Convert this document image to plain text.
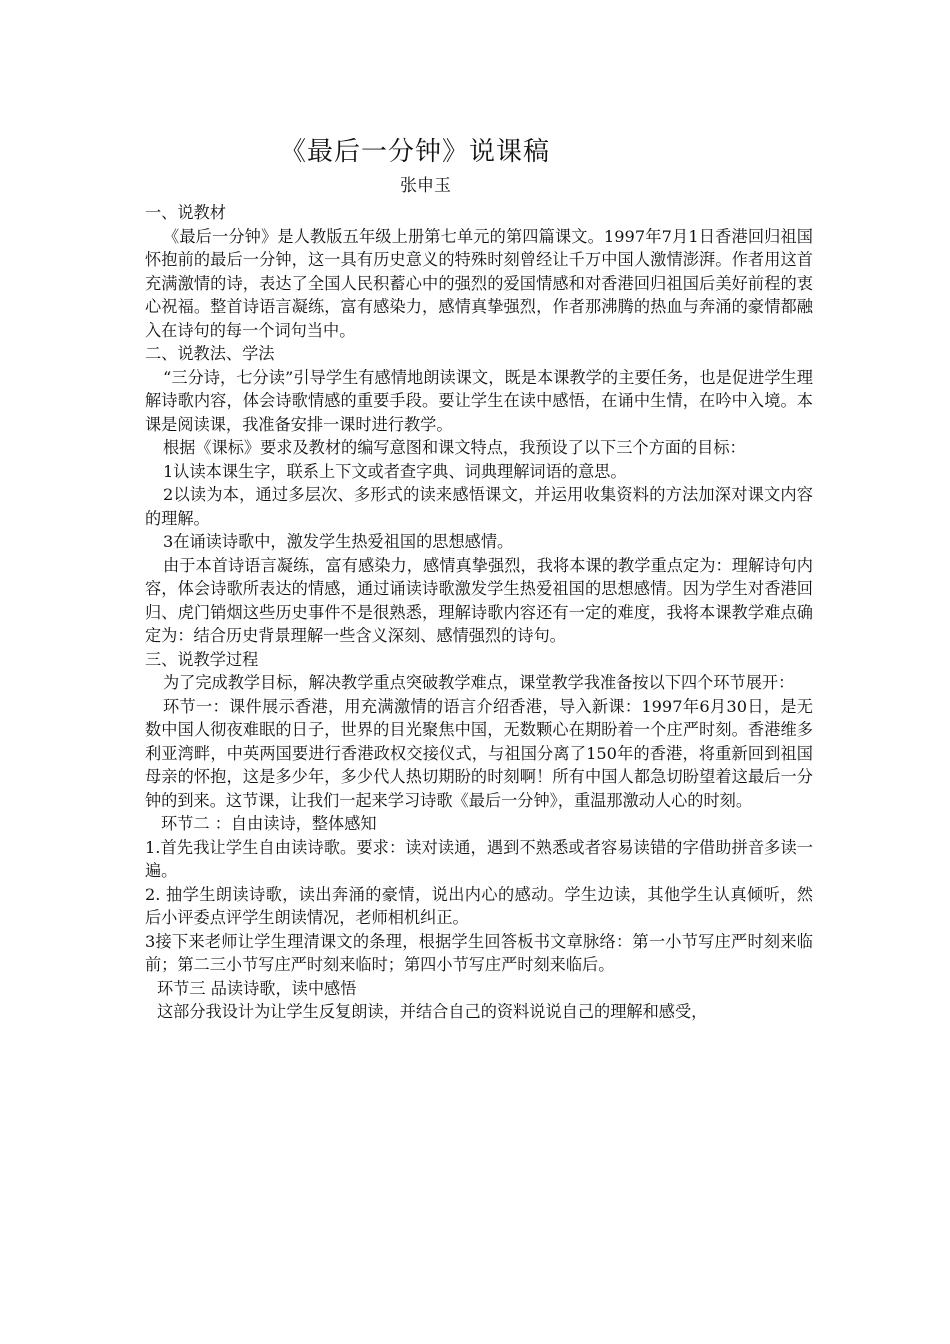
《最后一分钟》说课稿
张申玉

一、说教材

《最后一分钟》是人教版五年级上册第七单元的第四篇课文。1997年7月1日香港回归祖国怀抱前的最后一分钟，这一具有历史意义的特殊时刻曾经让千万中国人激情澎湃。作者用这首充满激情的诗，表达了全国人民积蓄心中的强烈的爱国情感和对香港回归祖国后美好前程的衷心祝福。整首诗语言凝练，富有感染力，感情真挚强烈，作者那沸腾的热血与奔涌的豪情都融入在诗句的每一个词句当中。

二、说教法、学法

“三分诗，七分读”引导学生有感情地朗读课文，既是本课教学的主要任务，也是促进学生理解诗歌内容，体会诗歌情感的重要手段。要让学生在读中感悟，在诵中生情，在吟中入境。本课是阅读课，我准备安排一课时进行教学。

根据《课标》要求及教材的编写意图和课文特点，我预设了以下三个方面的目标：

1认读本课生字，联系上下文或者查字典、词典理解词语的意思。

2以读为本，通过多层次、多形式的读来感悟课文，并运用收集资料的方法加深对课文内容的理解。

3在诵读诗歌中，激发学生热爱祖国的思想感情。

由于本首诗语言凝练，富有感染力，感情真挚强烈，我将本课的教学重点定为：理解诗句内容，体会诗歌所表达的情感，通过诵读诗歌激发学生热爱祖国的思想感情。因为学生对香港回归、虎门销烟这些历史事件不是很熟悉，理解诗歌内容还有一定的难度，我将本课教学难点确定为：结合历史背景理解一些含义深刻、感情强烈的诗句。

三、说教学过程

为了完成教学目标，解决教学重点突破教学难点，课堂教学我准备按以下四个环节展开：

环节一：课件展示香港，用充满激情的语言介绍香港，导入新课：1997年6月30日，是无数中国人彻夜难眠的日子，世界的目光聚焦中国，无数颗心在期盼着一个庄严时刻。香港维多利亚湾畔，中英两国要进行香港政权交接仪式，与祖国分离了150年的香港，将重新回到祖国母亲的怀抱，这是多少年，多少代人热切期盼的时刻啊！所有中国人都急切盼望着这最后一分钟的到来。这节课，让我们一起来学习诗歌《最后一分钟》，重温那激动人心的时刻。

环节二 ：自由读诗，整体感知

1.首先我让学生自由读诗歌。要求：读对读通，遇到不熟悉或者容易读错的字借助拼音多读一遍。

2. 抽学生朗读诗歌，读出奔涌的豪情，说出内心的感动。学生边读，其他学生认真倾听，然后小评委点评学生朗读情况，老师相机纠正。

3接下来老师让学生理清课文的条理，根据学生回答板书文章脉络：第一小节写庄严时刻来临前；第二三小节写庄严时刻来临时；第四小节写庄严时刻来临后。

环节三 品读诗歌，读中感悟

这部分我设计为让学生反复朗读，并结合自己的资料说说自己的理解和感受，
